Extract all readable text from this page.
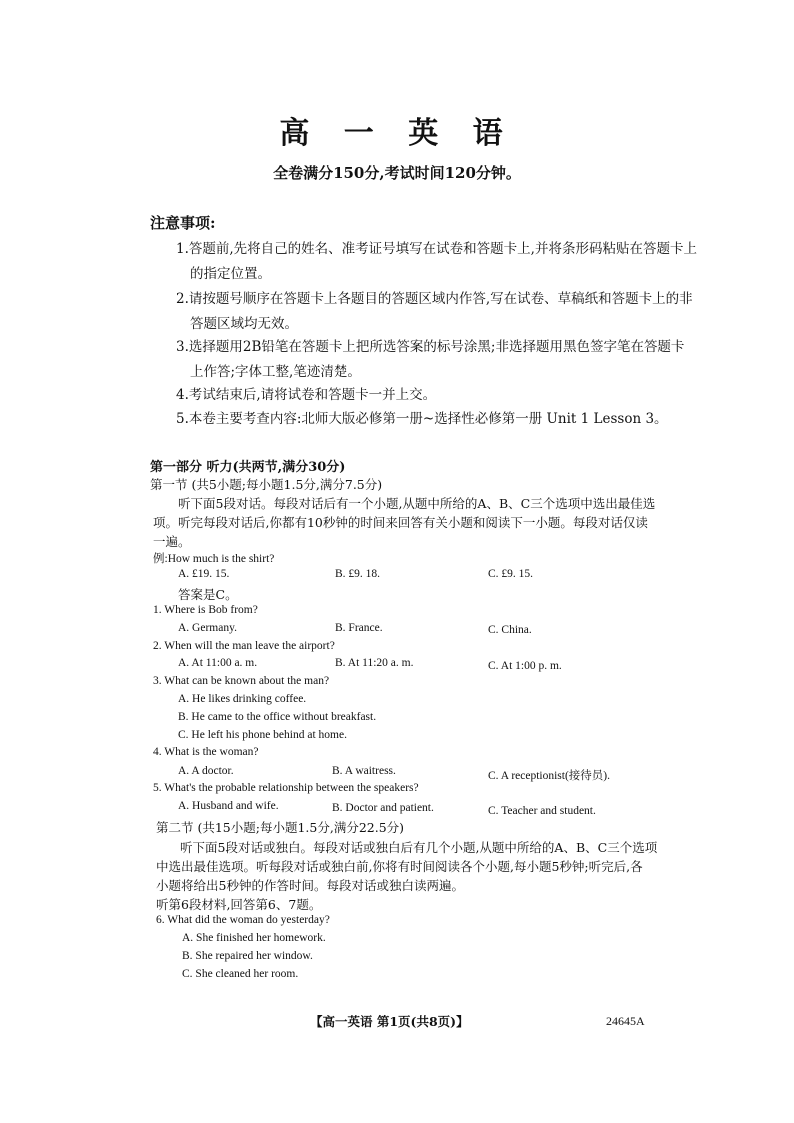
高 一 英 语
全卷满分150分,考试时间120分钟。
注意事项:
1.答题前,先将自己的姓名、准考证号填写在试卷和答题卡上,并将条形码粘贴在答题卡上
的指定位置。
2.请按题号顺序在答题卡上各题目的答题区域内作答,写在试卷、草稿纸和答题卡上的非
答题区域均无效。
3.选择题用2B铅笔在答题卡上把所选答案的标号涂黑;非选择题用黑色签字笔在答题卡
上作答;字体工整,笔迹清楚。
4.考试结束后,请将试卷和答题卡一并上交。
5.本卷主要考查内容:北师大版必修第一册~选择性必修第一册 Unit 1 Lesson 3。
第一部分 听力(共两节,满分30分)
第一节 (共5小题;每小题1.5分,满分7.5分)
听下面5段对话。每段对话后有一个小题,从题中所给的A、B、C三个选项中选出最佳选
项。听完每段对话后,你都有10秒钟的时间来回答有关小题和阅读下一小题。每段对话仅读
一遍。
例:How much is the shirt?
A. £19. 15.	B. £9. 18.	C. £9. 15.
答案是C。
1. Where is Bob from?
A. Germany.	B. France.	C. China.
2. When will the man leave the airport?
A. At 11:00 a. m.	B. At 11:20 a. m.	C. At 1:00 p. m.
3. What can be known about the man?
A. He likes drinking coffee.
B. He came to the office without breakfast.
C. He left his phone behind at home.
4. What is the woman?
A. A doctor.	B. A waitress.	C. A receptionist(接待员).
5. What's the probable relationship between the speakers?
A. Husband and wife.	B. Doctor and patient.	C. Teacher and student.
第二节 (共15小题;每小题1.5分,满分22.5分)
听下面5段对话或独白。每段对话或独白后有几个小题,从题中所给的A、B、C三个选项
中选出最佳选项。听每段对话或独白前,你将有时间阅读各个小题,每小题5秒钟;听完后,各
小题将给出5秒钟的作答时间。每段对话或独白读两遍。
听第6段材料,回答第6、7题。
6. What did the woman do yesterday?
A. She finished her homework.
B. She repaired her window.
C. She cleaned her room.
【高一英语 第1页(共8页)】	24645A
